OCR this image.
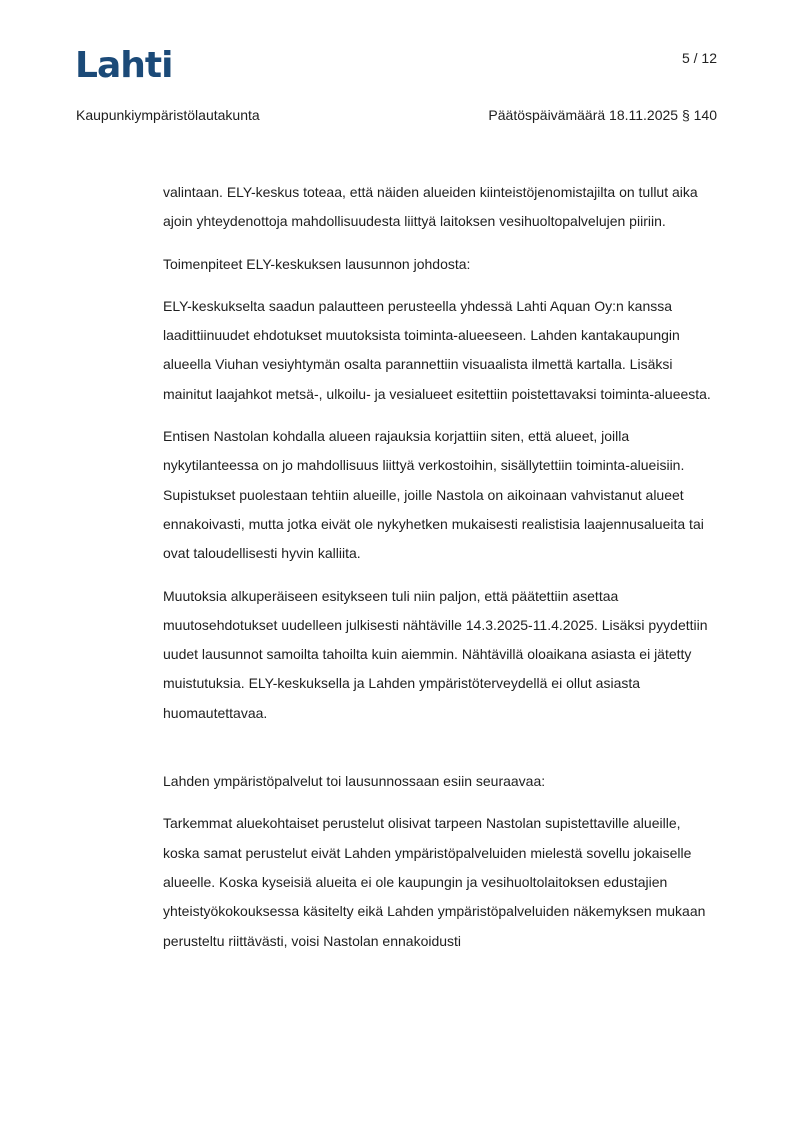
Lahti	5 / 12
Kaupunkiympäristölautakunta	Päätöspäivämäärä 18.11.2025 § 140

valintaan. ELY-keskus toteaa, että näiden alueiden kiinteistöjenomistajilta on tullut aika ajoin yhteydenottoja mahdollisuudesta liittyä laitoksen vesihuoltopalvelujen piiriin.

Toimenpiteet ELY-keskuksen lausunnon johdosta:

ELY-keskukselta saadun palautteen perusteella yhdessä Lahti Aquan Oy:n kanssa laadittiinuudet ehdotukset muutoksista toiminta-alueeseen. Lahden kantakaupungin alueella Viuhan vesiyhtymän osalta parannettiin visuaalista ilmettä kartalla. Lisäksi mainitut laajahkot metsä-, ulkoilu- ja vesialueet esitettiin poistettavaksi toiminta-alueesta.

Entisen Nastolan kohdalla alueen rajauksia korjattiin siten, että alueet, joilla nykytilanteessa on jo mahdollisuus liittyä verkostoihin, sisällytettiin toiminta-alueisiin. Supistukset puolestaan tehtiin alueille, joille Nastola on aikoinaan vahvistanut alueet ennakoivasti, mutta jotka eivät ole nykyhetken mukaisesti realistisia laajennusalueita tai ovat taloudellisesti hyvin kalliita.

Muutoksia alkuperäiseen esitykseen tuli niin paljon, että päätettiin asettaa muutosehdotukset uudelleen julkisesti nähtäville 14.3.2025-11.4.2025. Lisäksi pyydettiin uudet lausunnot samoilta tahoilta kuin aiemmin. Nähtävillä oloaikana asiasta ei jätetty muistutuksia. ELY-keskuksella ja Lahden ympäristöterveydellä ei ollut asiasta huomautettavaa.

Lahden ympäristöpalvelut toi lausunnossaan esiin seuraavaa:

Tarkemmat aluekohtaiset perustelut olisivat tarpeen Nastolan supistettaville alueille, koska samat perustelut eivät Lahden ympäristöpalveluiden mielestä sovellu jokaiselle alueelle. Koska kyseisiä alueita ei ole kaupungin ja vesihuoltolaitoksen edustajien yhteistyökokouksessa käsitelty eikä Lahden ympäristöpalveluiden näkemyksen mukaan perusteltu riittävästi, voisi Nastolan ennakoidusti
